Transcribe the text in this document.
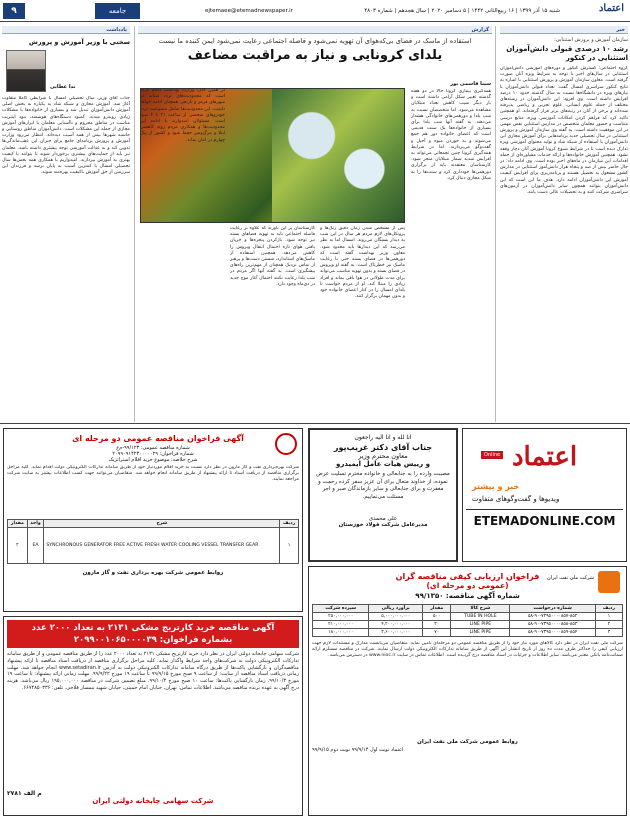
اعتماد
شنبه ۱۵ آذر ۱۳۹۹ | ۱۶ ربیع‌الثانی ۱۴۴۲ | ۵ دسامبر ۲۰۲۰ | سال هجدهم | شماره ۴۸۰۳
ejtemaee@etemadnewspaper.ir
جامعه
۹
خبر
سازمان آموزش و پرورش استثنایی:
رشد ۱۰ درصدی قبولی دانش‌آموزان استثنایی در کنکور
گروه اجتماعی: گسترش کنکور و دوره‌های آموزشی دانش‌آموزان استثنایی در سال‌های اخیر با توجه به شرایط ویژه آنان صورت گرفته است. معاون سازمان آموزش و پرورش استثنایی با اشاره به نتایج کنکور سراسری امسال گفت: تعداد قبولی دانش‌آموزان با نیازهای ویژه در دانشگاه‌ها نسبت به سال گذشته حدود ۱۰ درصد افزایش داشته است. وی افزود: این دانش‌آموزان در رشته‌های مختلف از جمله علوم انسانی، علوم تجربی و ریاضی پذیرفته شده‌اند و برخی از آنان در رتبه‌های برتر قرار گرفته‌اند. او همچنین تاکید کرد که فراهم کردن امکانات آموزشی ویژه، منابع درسی متناسب و حضور معلمان متخصص در مدارس استثنایی نقش مهمی در این موفقیت داشته است. به گفته وی سازمان آموزش و پرورش استثنایی در سال تحصیلی جدید برنامه‌هایی برای آموزش مجازی این دانش‌آموزان با استفاده از شبکه شاد و تولید محتوای آموزشی ویژه تدارک دیده است تا در شرایط شیوع کرونا آموزش آنان دچار وقفه نشود. همچنین آموزش خانواده‌ها و ارائه خدمات مشاوره‌ای از جمله اقدامات این سازمان در ماه‌های اخیر بوده است. وی ادامه داد: در حال حاضر بیش از صد و پنجاه هزار دانش‌آموز استثنایی در مدارس کشور مشغول به تحصیل هستند و برنامه‌ریزی برای افزایش کیفیت آموزش این دانش‌آموزان ادامه دارد. هدف ما این است که این دانش‌آموزان بتوانند همچون سایر دانش‌آموزان در آزمون‌های سراسری شرکت کنند و به تحصیلات عالی دست یابند.
گزارش
استفاده از ماسک در فضای بی‌که‌هوای آن تهویه نمی‌شود و فاصله اجتماعی رعایت نمی‌شود ایمن کننده ما نیست
یلدای کرونایی و نیاز به مراقبت مضاعف
سینا قاسمی پور
همه‌گیری بیماری کرونا حالا در دو هفته گذشته تغییر شکل آرامی داشته است و بار دیگر شیب کاهش تعداد مبتلایان مشاهده می‌شود. اما متخصصان نسبت به شب یلدا و دورهمی‌های خانوادگی هشدار می‌دهند. به گفته آنها شب یلدا برای بسیاری از خانواده‌ها یک سنت قدیمی است که اعضای خانواده دور هم جمع می‌شوند و به خوردن میوه و آجیل و گفت‌وگو می‌پردازند. اما در شرایط همه‌گیری کرونا چنین تجمعاتی می‌تواند به افزایش شدید شمار مبتلایان منجر شود. کارشناسان معتقدند باید از برگزاری دورهمی‌ها خودداری کرد و سنت‌ها را به شکل مجازی دنبال کرد.
پس از مشخص شدن زمان دقیق زنگ‌ها و پروتکل‌های لازم مردم هر سال در این شب به دیدار بستگان می‌روند. امسال اما به نظر می‌رسد که این دیدارها باید محدود شود. معاون وزیر بهداشت گفته است که دورهمی‌ها در فضای بسته حتی با رعایت ماسک نیز خطرناک است. به گفته او ویروس در فضای بسته و بدون تهویه مناسب می‌تواند برای مدت طولانی در هوا باقی بماند و افراد زیادی را مبتلا کند. او از مردم خواست تا یلدای امسال را در کنار اعضای خانواده خود و بدون مهمان برگزار کنند.
کارشناسان بر این باورند که علاوه بر رعایت فاصله اجتماعی باید به تهویه فضاهای بسته نیز توجه شود. بازکردن پنجره‌ها و جریان یافتن هوای تازه احتمال انتقال ویروس را کاهش می‌دهد. همچنین استفاده از ماسک‌های استاندارد، شستن دست‌ها و پرهیز از تماس نزدیک همچنان از مهم‌ترین راه‌های پیشگیری است. به گفته آنها اگر مردم در شب یلدا رعایت نکنند احتمال آغاز موج جدید در دی‌ماه وجود دارد.
در همین حال، وزارت بهداشت اعلام کرده است که محدودیت‌های تردد شبانه در شهرهای قرمز و نارنجی همچنان ادامه خواهد داشت. این محدودیت‌ها شامل ممنوعیت تردد خودروهای شخصی از ساعت ۲۱ تا ۴ صبح است. مسئولان امیدوارند با ادامه این محدودیت‌ها و همکاری مردم روند کاهشی ابتلا و مرگ‌ومیر حفظ شود و کشور از پیک چهارم در امان بماند.
یادداشت
سخنی با وزیر آموزش و پرورش
ندا عطایی
جناب آقای وزیر، سال تحصیلی امسال با شرایطی کاملا متفاوت آغاز شد. آموزش مجازی و شبکه شاد به یکباره به بخش اصلی آموزش دانش‌آموزان تبدیل شد و بسیاری از خانواده‌ها با مشکلات زیادی روبه‌رو شدند. کمبود دستگاه‌های هوشمند، نبود اینترنت مناسب در مناطق محروم و ناآشنایی معلمان با ابزارهای آموزش مجازی از جمله این مشکلات است. دانش‌آموزان مناطق روستایی و حاشیه شهرها بیش از همه آسیب دیده‌اند. انتظار می‌رود وزارت آموزش و پرورش برنامه‌ای جامع برای جبران این عقب‌ماندگی‌ها تدوین کند و به عدالت آموزشی توجه بیشتری داشته باشد. معلمان نیز باید از حمایت‌های بیشتری برخوردار شوند تا بتوانند با کیفیت بهتری به آموزش بپردازند. امیدواریم با همکاری همه بخش‌ها سال تحصیلی امسال با کمترین آسیب به پایان برسد و فرزندان این سرزمین از حق آموزش باکیفیت بهره‌مند شوند.
آگهی فراخوان مناقصه عمومی دو مرحله ای
شماره مناقصه عمومی: ۹۹/۱۲۳-م‌ع
شماره فراخوان: ۲۰۹۹۰۹۱۴۲۳۰۰۰۰۰۲۹
شرح خلاصه: موضوع خرید اقلام استراتژیک
شرکت بهره‌برداری نفت و گاز مارون در نظر دارد نسبت به خرید اقلام موردنیاز خود از طریق سامانه تدارکات الکترونیکی دولت اقدام نماید. کلیه مراحل برگزاری مناقصه از دریافت اسناد تا ارائه پیشنهاد از طریق سامانه انجام خواهد شد. متقاضیان می‌توانند جهت کسب اطلاعات بیشتر به سایت شرکت مراجعه نمایند.
ردیف	شرح	واحد	مقدار
۱	SYNCHRONOUS GENERATOR FREE ACTIVE FRESH WATER COOLING VESSEL TRANSFER GEAR	EA	۲
روابط عمومی شرکت بهره برداری نفت و گاز مارون
انا لله و انا الیه راجعون
جناب آقای دکتر غریب‌پور
معاون محترم وزیر
و رییس هیات عامل ایمیدرو
مصیبت وارده را به جنابعالی و خانواده محترم تسلیت عرض نموده، از خداوند متعال برای آن عزیز سفر کرده رحمت و مغفرت و برای جنابعالی و سایر بازماندگان صبر و اجر مسئلت می‌نماییم.
علی محمدی
مدیرعامل شرکت فولاد خوزستان
اعتماد
Online
خبر و بیشتر
ویدیوها و گفت‌وگوهای متفاوت
ETEMADONLINE.COM
شرکت ملی نفت ایران
فراخوان ارزیابی کیفی مناقصه گران
(عمومی دو مرحله ای)
شماره آگهی مناقصه: ۹۹/۱۳۵۰
ردیف	شماره درخواست	شرح کالا	مقدار	برآورد ریالی	سپرده شرکت
۱	۵۸-۹۰-۷۳۹۵۰۰۰۰۸۵۷-۸۵۲	TUBE IN HOLE	۵۰۰	۵,۰۰۰,۰۰۰,۰۰۰	۲۵۰,۰۰۰,۰۰۰
۲	۵۸-۹۰-۷۳۹۵۰۰۰۰۸۵۸-۸۵۳	LINE PIPE	۳۰	۴,۲۰۰,۰۰۰,۰۰۰	۲۱۰,۰۰۰,۰۰۰
۳	۵۸-۹۰-۷۳۹۵۰۰۰۰۸۵۹-۸۵۴	LINE PIPE	۷۰	۳,۶۰۰,۰۰۰,۰۰۰	۱۸۰,۰۰۰,۰۰۰
شرکت ملی نفت ایران در نظر دارد کالاهای مورد نیاز خود را از طریق مناقصه عمومی دو مرحله‌ای تامین نماید. متقاضیان می‌بایست مدارک و مستندات لازم جهت ارزیابی کیفی را حداکثر ظرف مدت ده روز از تاریخ انتشار این آگهی از طریق سامانه تدارکات الکترونیکی دولت ارسال نمایند. شرکت در مناقصه مستلزم ارائه ضمانت‌نامه بانکی معتبر می‌باشد. سایر اطلاعات و جزئیات در اسناد مناقصه درج گردیده است. اطلاعات تماس در سایت www.nioc.ir در دسترس می‌باشد.
روابط عمومی شرکت ملی نفت ایران
اعتماد نوبت اول ۹۹/۹/۱۴ نوبت دوم ۹۹/۹/۱۵
آگهی مناقصه خرید کارتریج مشکی ۲۱۳۱ به تعداد ۲۰۰۰ عدد
بشماره فراخوان: ۲۰۹۹۰۰۱۰۶۵۰۰۰۰۳۹
شرکت سهامی چاپخانه دولتی ایران در نظر دارد خرید کارتریج مشکی ۲۱۳۱ به تعداد ۲۰۰۰ عدد را از طریق مناقصه عمومی و از طریق سامانه تدارکات الکترونیکی دولت به شرکت‌های واجد شرایط واگذار نماید. کلیه مراحل برگزاری مناقصه از دریافت اسناد مناقصه تا ارائه پیشنهاد مناقصه‌گران و بازگشایی پاکت‌ها از طریق درگاه سامانه تدارکات الکترونیکی دولت به آدرس www.setadiran.ir انجام خواهد شد. مهلت زمانی دریافت اسناد مناقصه از سایت: از ساعت ۹ صبح مورخ ۹۹/۹/۱۵ تا ساعت ۱۹ مورخ ۹۹/۹/۲۲. مهلت زمانی ارائه پیشنهاد: تا ساعت ۱۹ مورخ ۹۹/۱۰/۳. زمان بازگشایی پاکت‌ها: ساعت ۱۰ صبح مورخ ۹۹/۱۰/۴. مبلغ تضمین شرکت در مناقصه ۱۹۵,۰۰۰,۰۰۰ ریال می‌باشد. هزینه درج آگهی به عهده برنده مناقصه می‌باشد. اطلاعات تماس: تهران، خیابان امام خمینی، خیابان شهید تیمسار فلاحی. تلفن: ۶۶۷۴۸۵۰۳۳۶.
م الف ۲۷۸۱
شرکت سهامی چاپخانه دولتی ایران
